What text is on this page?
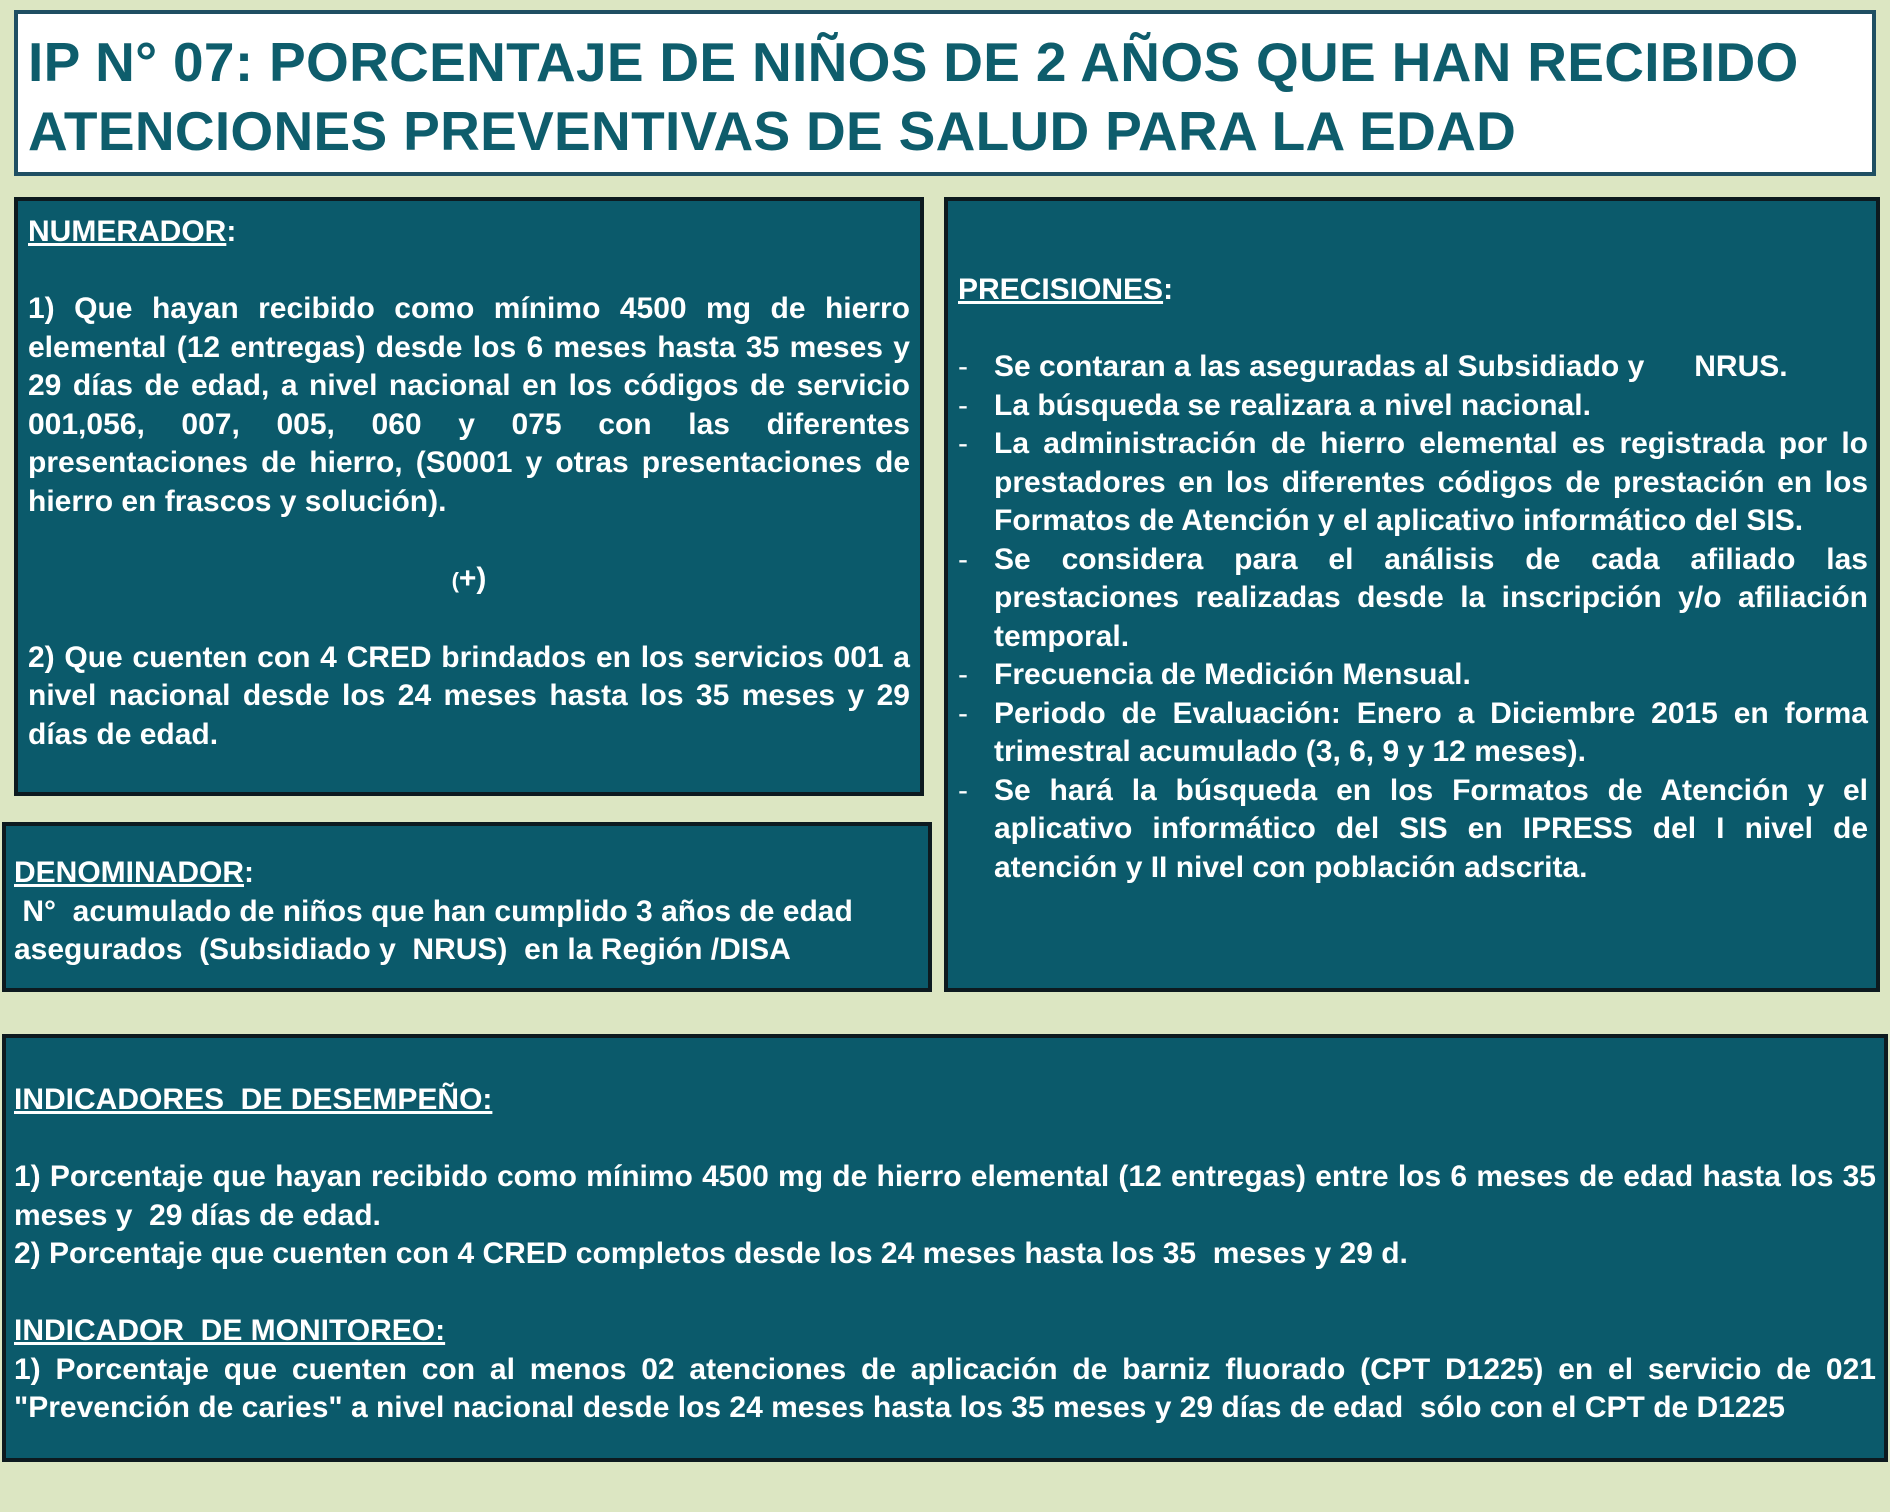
IP N° 07: PORCENTAJE DE NIÑOS DE 2 AÑOS QUE HAN RECIBIDO
ATENCIONES PREVENTIVAS DE SALUD PARA LA EDAD
NUMERADOR:
1) Que hayan recibido como mínimo 4500 mg de hierro elemental (12 entregas) desde los 6 meses hasta 35 meses y 29 días de edad, a nivel nacional en los códigos de servicio 001,056, 007, 005, 060 y 075 con las diferentes presentaciones de hierro, (S0001 y otras presentaciones de hierro en frascos y solución).
(+)
2) Que cuenten con 4 CRED brindados en los servicios 001 a nivel nacional desde los 24 meses hasta los 35 meses y 29 días de edad.
DENOMINADOR:
N°  acumulado de niños que han cumplido 3 años de edad asegurados  (Subsidiado y  NRUS)  en la Región /DISA
PRECISIONES:
- Se contaran a las aseguradas al Subsidiado y      NRUS.
- La búsqueda se realizara a nivel nacional.
- La administración de hierro elemental es registrada por lo prestadores en los diferentes códigos de prestación en los Formatos de Atención y el aplicativo informático del SIS.
- Se considera para el análisis de cada afiliado las prestaciones realizadas desde la inscripción y/o afiliación temporal.
- Frecuencia de Medición Mensual.
- Periodo de Evaluación: Enero a Diciembre 2015 en forma trimestral acumulado (3, 6, 9 y 12 meses).
- Se hará la búsqueda en los Formatos de Atención y el aplicativo informático del SIS en IPRESS del I nivel de atención y II nivel con población adscrita.
INDICADORES  DE DESEMPEÑO:
1) Porcentaje que hayan recibido como mínimo 4500 mg de hierro elemental (12 entregas) entre los 6 meses de edad hasta los 35 meses y  29 días de edad.
2) Porcentaje que cuenten con 4 CRED completos desde los 24 meses hasta los 35  meses y 29 d.
INDICADOR  DE MONITOREO:
1) Porcentaje que cuenten con al menos 02 atenciones de aplicación de barniz fluorado (CPT D1225) en el servicio de 021 "Prevención de caries" a nivel nacional desde los 24 meses hasta los 35 meses y 29 días de edad  sólo con el CPT de D1225
